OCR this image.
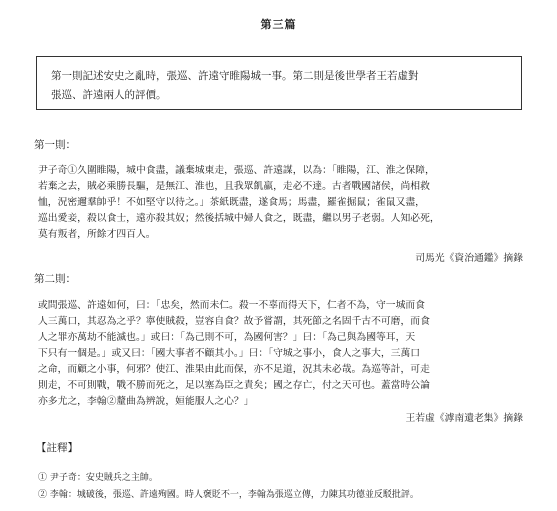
第三篇
第一則記述安史之亂時，張巡、許遠守睢陽城一事。第二則是後世學者王若虛對
張巡、許遠兩人的評價。
第一則：
尹子奇①久圍睢陽，城中食盡，議棄城東走，張巡、許遠謀，以為：「睢陽，江、淮之保障，
若棄之去，賊必乘勝長驅，是無江、淮也，且我眾飢羸，走必不達。古者戰國諸侯，尚相救
恤，況密邇羣帥乎！不如堅守以待之。」茶紙既盡，遂食馬；馬盡，羅雀掘鼠；雀鼠又盡，
巡出愛妾，殺以食士，遠亦殺其奴；然後括城中婦人食之，既盡，繼以男子老弱。人知必死，
莫有叛者，所餘才四百人。
司馬光《資治通鑑》摘錄
第二則：
或問張巡、許遠如何，曰：「忠矣，然而未仁。殺一不辜而得天下，仁者不為，守一城而食
人三萬口，其忍為之乎？寧使賊殺，豈容自食？故予嘗謂，其死節之名固千古不可磨，而食
人之罪亦萬劫不能滅也。」或曰：「為己則不可，為國何害？」曰：「為己與為國等耳，天
下只有一個是。」或又曰：「國大事者不顧其小。」曰：「守城之事小，食人之事大，三萬口
之命，而顧之小事，何邪？使江、淮果由此而保，亦不足道，況其未必哉。為巡等計，可走
則走，不可則戰，戰不勝而死之，足以塞為臣之責矣；國之存亡，付之天可也。蓋當時公論
亦多尤之，李翰②釐曲為辨說，姮能服人之心？」
王若虛《滹南遺老集》摘錄
【註釋】
① 尹子奇：安史賊兵之主帥。
② 李翰：城破後，張巡、許遠殉國。時人褒貶不一，李翰為張巡立傳，力陳其功德並反駁批評。
